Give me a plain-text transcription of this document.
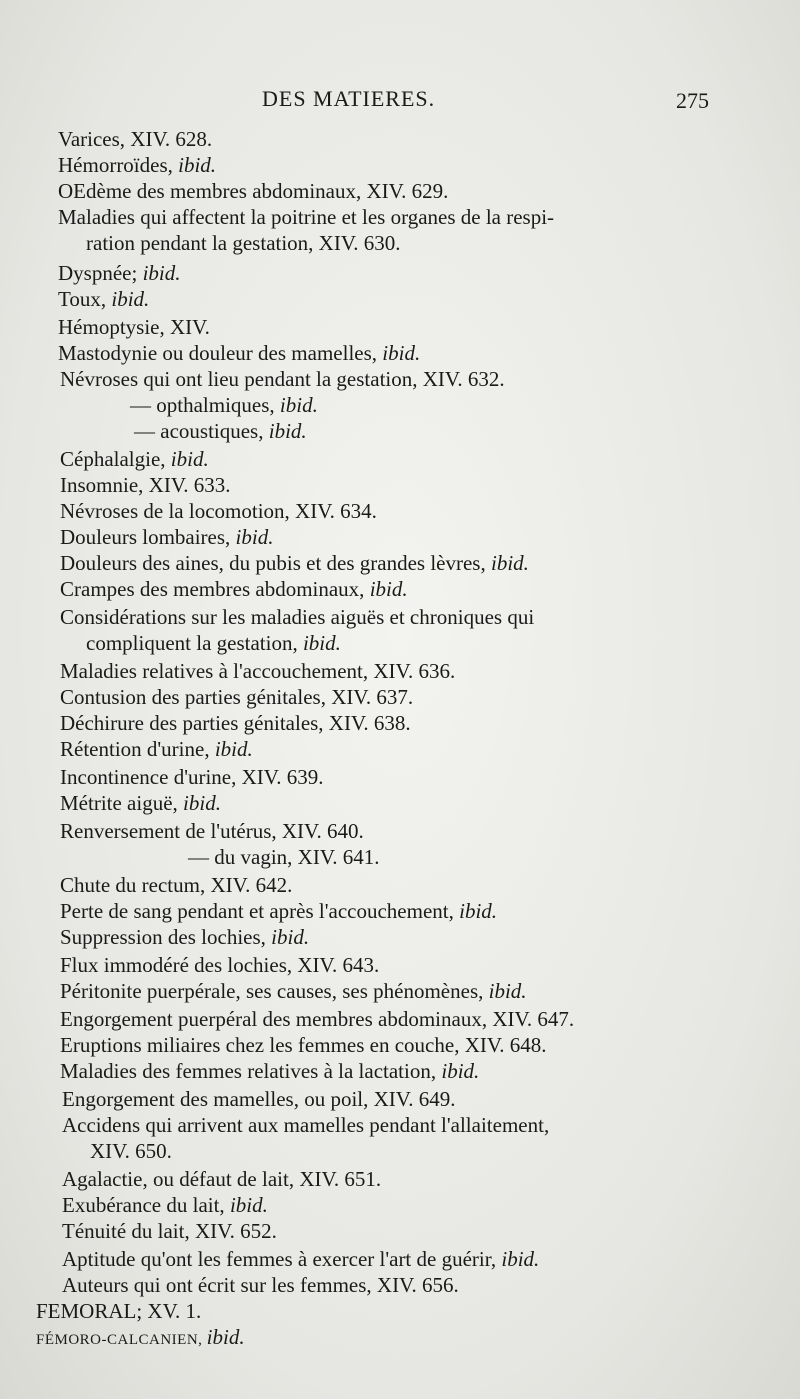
DES MATIERES.	275
Varices, XIV. 628.
Hémorroïdes, ibid.
OEdème des membres abdominaux, XIV. 629.
Maladies qui affectent la poitrine et les organes de la respi-
ration pendant la gestation, XIV. 630.
Dyspnée; ibid.
Toux, ibid.
Hémoptysie, XIV.
Mastodynie ou douleur des mamelles, ibid.
Névroses qui ont lieu pendant la gestation, XIV. 632.
— opthalmiques, ibid.
— acoustiques, ibid.
Céphalalgie, ibid.
Insomnie, XIV. 633.
Névroses de la locomotion, XIV. 634.
Douleurs lombaires, ibid.
Douleurs des aines, du pubis et des grandes lèvres, ibid.
Crampes des membres abdominaux, ibid.
Considérations sur les maladies aiguës et chroniques qui
compliquent la gestation, ibid.
Maladies relatives à l'accouchement, XIV. 636.
Contusion des parties génitales, XIV. 637.
Déchirure des parties génitales, XIV. 638.
Rétention d'urine, ibid.
Incontinence d'urine, XIV. 639.
Métrite aiguë, ibid.
Renversement de l'utérus, XIV. 640.
— du vagin, XIV. 641.
Chute du rectum, XIV. 642.
Perte de sang pendant et après l'accouchement, ibid.
Suppression des lochies, ibid.
Flux immodéré des lochies, XIV. 643.
Péritonite puerpérale, ses causes, ses phénomènes, ibid.
Engorgement puerpéral des membres abdominaux, XIV. 647.
Eruptions miliaires chez les femmes en couche, XIV. 648.
Maladies des femmes relatives à la lactation, ibid.
Engorgement des mamelles, ou poil, XIV. 649.
Accidens qui arrivent aux mamelles pendant l'allaitement,
XIV. 650.
Agalactie, ou défaut de lait, XIV. 651.
Exubérance du lait, ibid.
Ténuité du lait, XIV. 652.
Aptitude qu'ont les femmes à exercer l'art de guérir, ibid.
Auteurs qui ont écrit sur les femmes, XIV. 656.
FEMORAL; XV. 1.
FÉMORO-CALCANIEN, ibid.
